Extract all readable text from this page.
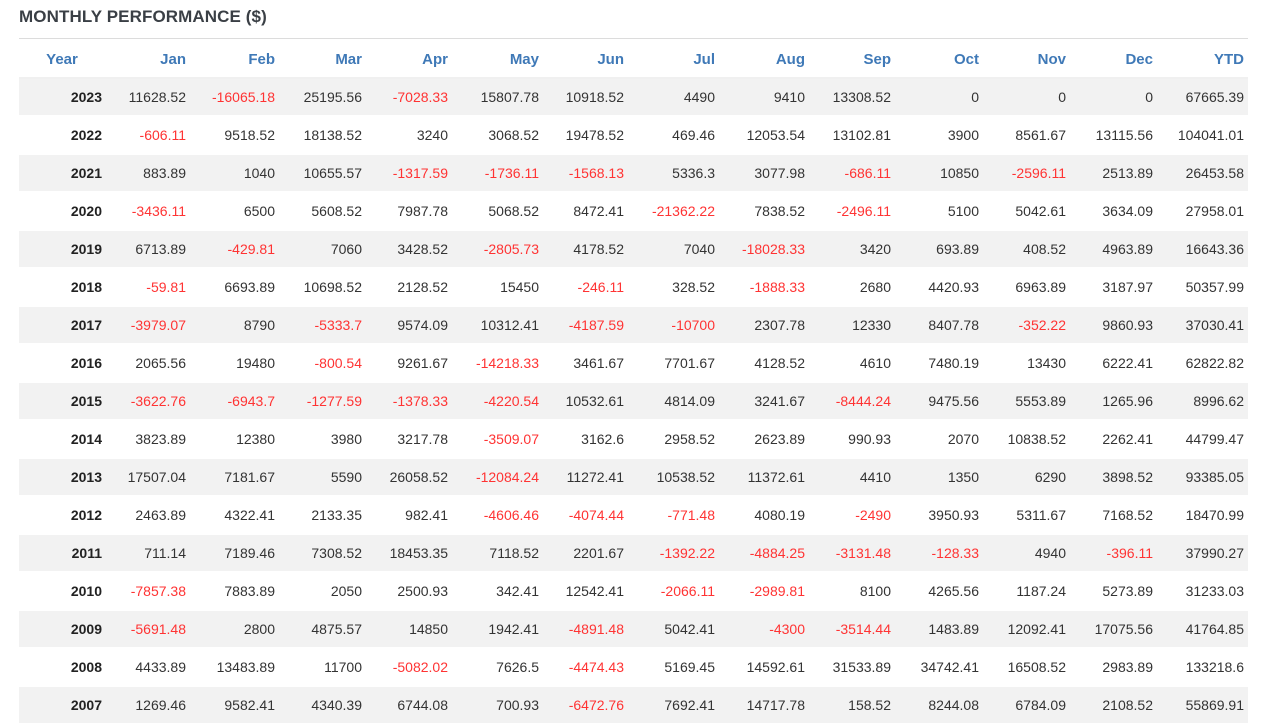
MONTHLY PERFORMANCE ($)
Year	Jan	Feb	Mar	Apr	May	Jun	Jul	Aug	Sep	Oct	Nov	Dec	YTD
2023	11628.52	-16065.18	25195.56	-7028.33	15807.78	10918.52	4490	9410	13308.52	0	0	0	67665.39
2022	-606.11	9518.52	18138.52	3240	3068.52	19478.52	469.46	12053.54	13102.81	3900	8561.67	13115.56	104041.01
2021	883.89	1040	10655.57	-1317.59	-1736.11	-1568.13	5336.3	3077.98	-686.11	10850	-2596.11	2513.89	26453.58
2020	-3436.11	6500	5608.52	7987.78	5068.52	8472.41	-21362.22	7838.52	-2496.11	5100	5042.61	3634.09	27958.01
2019	6713.89	-429.81	7060	3428.52	-2805.73	4178.52	7040	-18028.33	3420	693.89	408.52	4963.89	16643.36
2018	-59.81	6693.89	10698.52	2128.52	15450	-246.11	328.52	-1888.33	2680	4420.93	6963.89	3187.97	50357.99
2017	-3979.07	8790	-5333.7	9574.09	10312.41	-4187.59	-10700	2307.78	12330	8407.78	-352.22	9860.93	37030.41
2016	2065.56	19480	-800.54	9261.67	-14218.33	3461.67	7701.67	4128.52	4610	7480.19	13430	6222.41	62822.82
2015	-3622.76	-6943.7	-1277.59	-1378.33	-4220.54	10532.61	4814.09	3241.67	-8444.24	9475.56	5553.89	1265.96	8996.62
2014	3823.89	12380	3980	3217.78	-3509.07	3162.6	2958.52	2623.89	990.93	2070	10838.52	2262.41	44799.47
2013	17507.04	7181.67	5590	26058.52	-12084.24	11272.41	10538.52	11372.61	4410	1350	6290	3898.52	93385.05
2012	2463.89	4322.41	2133.35	982.41	-4606.46	-4074.44	-771.48	4080.19	-2490	3950.93	5311.67	7168.52	18470.99
2011	711.14	7189.46	7308.52	18453.35	7118.52	2201.67	-1392.22	-4884.25	-3131.48	-128.33	4940	-396.11	37990.27
2010	-7857.38	7883.89	2050	2500.93	342.41	12542.41	-2066.11	-2989.81	8100	4265.56	1187.24	5273.89	31233.03
2009	-5691.48	2800	4875.57	14850	1942.41	-4891.48	5042.41	-4300	-3514.44	1483.89	12092.41	17075.56	41764.85
2008	4433.89	13483.89	11700	-5082.02	7626.5	-4474.43	5169.45	14592.61	31533.89	34742.41	16508.52	2983.89	133218.6
2007	1269.46	9582.41	4340.39	6744.08	700.93	-6472.76	7692.41	14717.78	158.52	8244.08	6784.09	2108.52	55869.91
